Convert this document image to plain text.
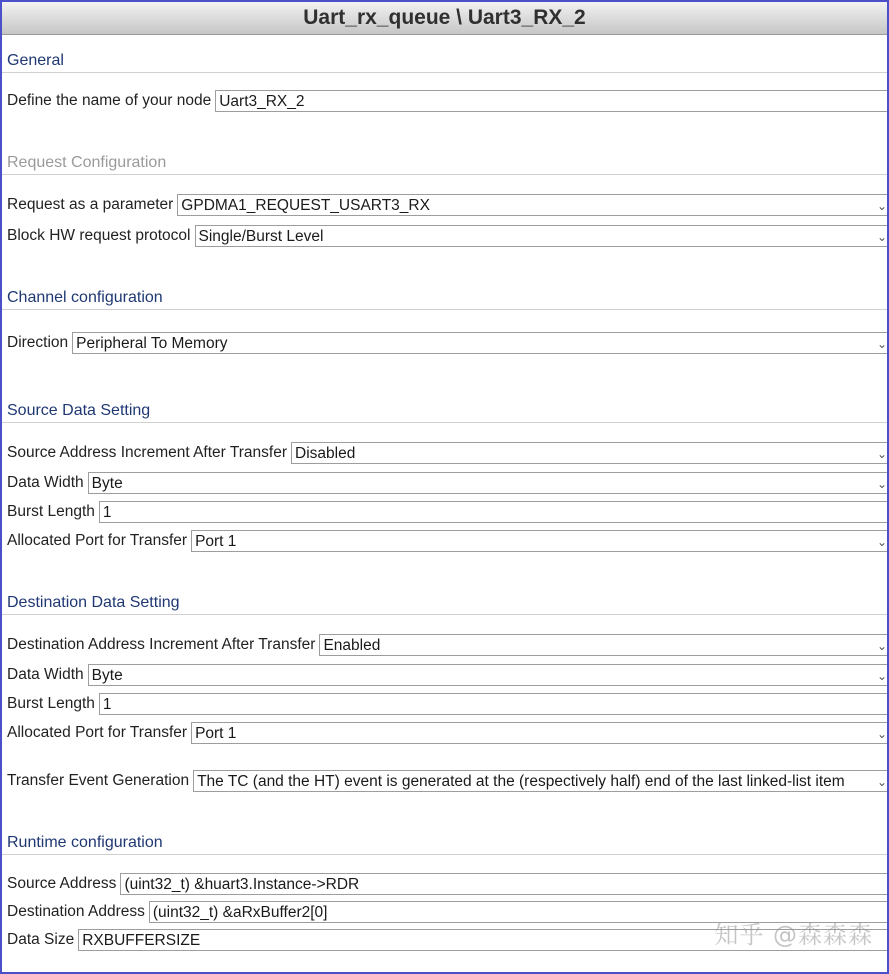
Uart_rx_queue \ Uart3_RX_2
General
Define the name of your node Uart3_RX_2
Request Configuration
Request as a parameter GPDMA1_REQUEST_USART3_RX	⌄
Block HW request protocol Single/Burst Level	⌄
Channel configuration
Direction Peripheral To Memory	⌄
Source Data Setting
Source Address Increment After Transfer Disabled	⌄
Data Width Byte	⌄
Burst Length 1
Allocated Port for Transfer Port 1	⌄
Destination Data Setting
Destination Address Increment After Transfer Enabled	⌄
Data Width Byte	⌄
Burst Length 1
Allocated Port for Transfer Port 1	⌄
Transfer Event Generation The TC (and the HT) event is generated at the (respectively half) end of the last linked-list item	⌄
Runtime configuration
Source Address (uint32_t) &huart3.Instance->RDR
Destination Address (uint32_t) &aRxBuffer2[0]
Data Size RXBUFFERSIZE	知乎 @森森森
